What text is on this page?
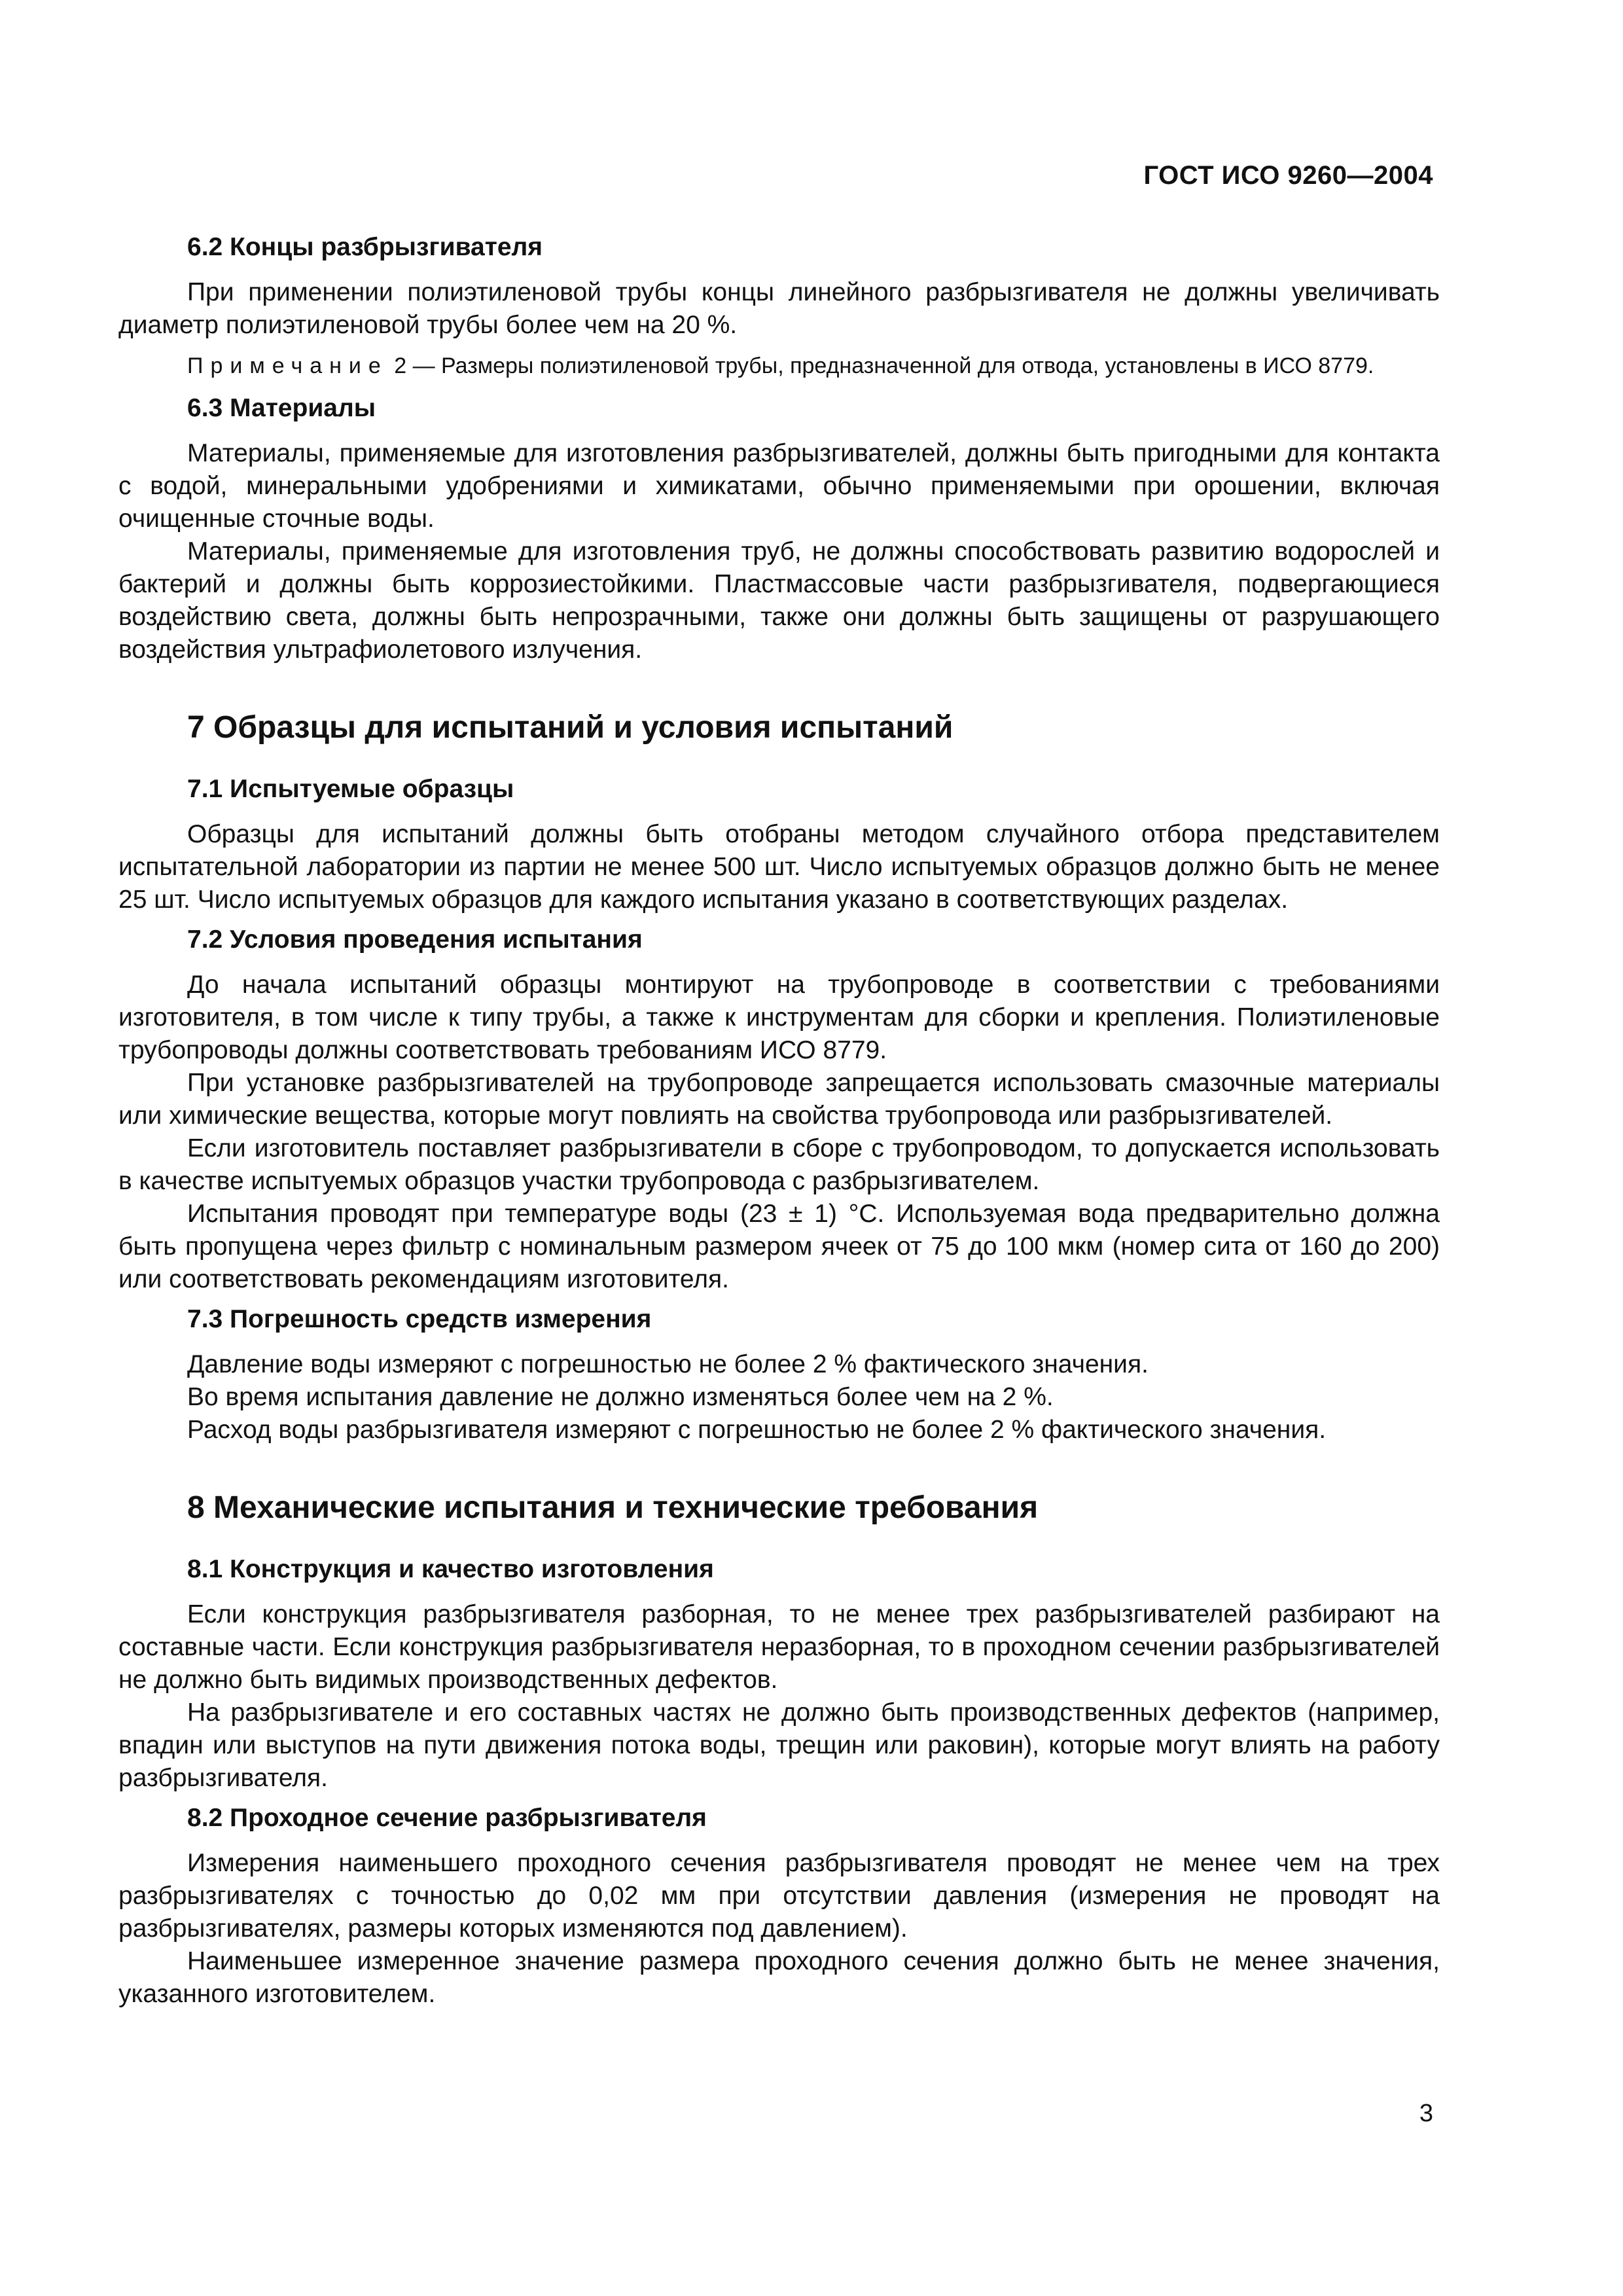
ГОСТ ИСО 9260—2004
6.2 Концы разбрызгивателя

При применении полиэтиленовой трубы концы линейного разбрызгивателя не должны увеличивать диаметр полиэтиленовой трубы более чем на 20 %.

Примечание 2 — Размеры полиэтиленовой трубы, предназначенной для отвода, установлены в ИСО 8779.

6.3 Материалы

Материалы, применяемые для изготовления разбрызгивателей, должны быть пригодными для контакта с водой, минеральными удобрениями и химикатами, обычно применяемыми при орошении, включая очищенные сточные воды.

Материалы, применяемые для изготовления труб, не должны способствовать развитию водорослей и бактерий и должны быть коррозиестойкими. Пластмассовые части разбрызгивателя, подвергающиеся воздействию света, должны быть непрозрачными, также они должны быть защищены от разрушающего воздействия ультрафиолетового излучения.

7 Образцы для испытаний и условия испытаний
7.1 Испытуемые образцы

Образцы для испытаний должны быть отобраны методом случайного отбора представителем испытательной лаборатории из партии не менее 500 шт. Число испытуемых образцов должно быть не менее 25 шт. Число испытуемых образцов для каждого испытания указано в соответствующих разделах.

7.2 Условия проведения испытания

До начала испытаний образцы монтируют на трубопроводе в соответствии с требованиями изготовителя, в том числе к типу трубы, а также к инструментам для сборки и крепления. Полиэтиленовые трубопроводы должны соответствовать требованиям ИСО 8779.

При установке разбрызгивателей на трубопроводе запрещается использовать смазочные материалы или химические вещества, которые могут повлиять на свойства трубопровода или разбрызгивателей.

Если изготовитель поставляет разбрызгиватели в сборе с трубопроводом, то допускается использовать в качестве испытуемых образцов участки трубопровода с разбрызгивателем.

Испытания проводят при температуре воды (23 ± 1) °С. Используемая вода предварительно должна быть пропущена через фильтр с номинальным размером ячеек от 75 до 100 мкм (номер сита от 160 до 200) или соответствовать рекомендациям изготовителя.

7.3 Погрешность средств измерения

Давление воды измеряют с погрешностью не более 2 % фактического значения.

Во время испытания давление не должно изменяться более чем на 2 %.

Расход воды разбрызгивателя измеряют с погрешностью не более 2 % фактического значения.

8 Механические испытания и технические требования
8.1 Конструкция и качество изготовления

Если конструкция разбрызгивателя разборная, то не менее трех разбрызгивателей разбирают на составные части. Если конструкция разбрызгивателя неразборная, то в проходном сечении разбрызгивателей не должно быть видимых производственных дефектов.

На разбрызгивателе и его составных частях не должно быть производственных дефектов (например, впадин или выступов на пути движения потока воды, трещин или раковин), которые могут влиять на работу разбрызгивателя.

8.2 Проходное сечение разбрызгивателя

Измерения наименьшего проходного сечения разбрызгивателя проводят не менее чем на трех разбрызгивателях с точностью до 0,02 мм при отсутствии давления (измерения не проводят на разбрызгивателях, размеры которых изменяются под давлением).

Наименьшее измеренное значение размера проходного сечения должно быть не менее значения, указанного изготовителем.

3
